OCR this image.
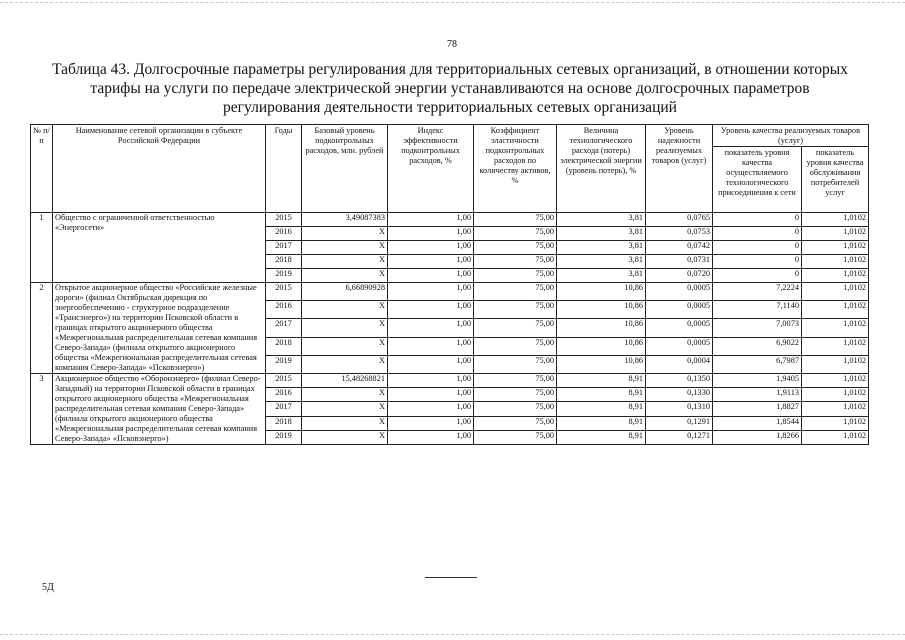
78
Таблица 43. Долгосрочные параметры регулирования для территориальных сетевых организаций, в отношении которых тарифы на услуги по передаче электрической энергии устанавливаются на основе долгосрочных параметров регулирования деятельности территориальных сетевых организаций
№ п/п	Наименование сетевой организации в субъекте Российской Федерации	Годы	Базовый уровень подконтрольных расходов, млн. рублей	Индекс эффективности подконтрольных расходов, %	Коэффициент эластичности подконтрольных расходов по количеству активов, %	Величина технологического расхода (потерь) электрической энергии (уровень потерь), %	Уровень надежности реализуемых товаров (услуг)	Уровень качества реализуемых товаров (услуг)	
								показатель уровня качества осуществляемого технологического присоединения к сети	показатель уровня качества обслуживания потребителей услуг
1	Общество с ограниченной ответственностью «Энергосети»	2015	3,49087383	1,00	75,00	3,81	0,0765	0	1,0102
		2016	X	1,00	75,00	3,81	0,0753	0	1,0102
		2017	X	1,00	75,00	3,81	0,0742	0	1,0102
		2018	X	1,00	75,00	3,81	0,0731	0	1,0102
		2019	X	1,00	75,00	3,81	0,0720	0	1,0102
2	Открытое акционерное общество «Российские железные дороги» (филиал Октябрьская дирекция по энергообеспечению - структурное подразделение «Трансэнерго») на территории Псковской области в границах открытого акционерного общества «Межрегиональная распределительная сетевая компания Северо-Запада» (филиала открытого акционерного общества «Межрегиональная распределительная сетевая компания Северо-Запада» «Псковэнерго»)	2015	6,66890928	1,00	75,00	10,86	0,0005	7,2224	1,0102
		2016	X	1,00	75,00	10,86	0,0005	7,1140	1,0102
		2017	X	1,00	75,00	10,86	0,0005	7,0073	1,0102
		2018	X	1,00	75,00	10,86	0,0005	6,9022	1,0102
		2019	X	1,00	75,00	10,86	0,0004	6,7987	1,0102
3	Акционерное общество «Оборонэнерго» (филиал Северо-Западный) на территории Псковской области в границах открытого акционерного общества «Межрегиональная распределительная сетевая компания Северо-Запада» (филиала открытого акционерного общества «Межрегиональная распределительная сетевая компания Северо-Запада» «Псковэнерго»)	2015	15,48268821	1,00	75,00	8,91	0,1350	1,9405	1,0102
		2016	X	1,00	75,00	8,91	0,1330	1,9113	1,0102
		2017	X	1,00	75,00	8,91	0,1310	1,8827	1,0102
		2018	X	1,00	75,00	8,91	0,1291	1,8544	1,0102
		2019	X	1,00	75,00	8,91	0,1271	1,8266	1,0102
5Д
